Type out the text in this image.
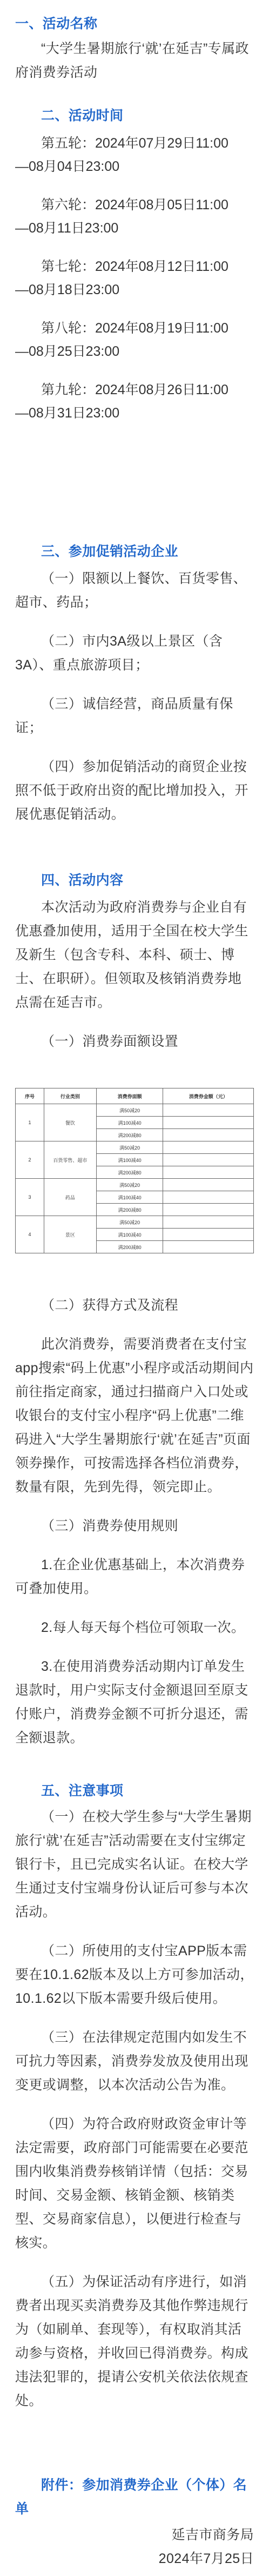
一、活动名称

“大学生暑期旅行‘就’在延吉”专属政府消费券活动

二、活动时间

第五轮：2024年07月29日11:00

—08月04日23:00

第六轮：2024年08月05日11:00

—08月11日23:00

第七轮：2024年08月12日11:00

—08月18日23:00

第八轮：2024年08月19日11:00

—08月25日23:00

第九轮：2024年08月26日11:00

—08月31日23:00

三、参加促销活动企业

（一）限额以上餐饮、百货零售、超市、药品；

（二）市内3A级以上景区（含3A）、重点旅游项目；

（三）诚信经营，商品质量有保证；

（四）参加促销活动的商贸企业按照不低于政府出资的配比增加投入，开展优惠促销活动。

四、活动内容

本次活动为政府消费券与企业自有优惠叠加使用，适用于全国在校大学生及新生（包含专科、本科、硕士、博士、在职研）。但领取及核销消费券地点需在延吉市。

（一）消费券面额设置

序号	行业类别	消费券面额	消费券金额（元）
1	餐饮	满50减20	
		满100减40	
		满200减80	
2	百货零售、超市	满50减20	
		满100减40	
		满200减80	
3	药品	满50减20	
		满100减40	
		满200减80	
4	景区	满50减20	
		满100减40	
		满200减80	

（二）获得方式及流程

此次消费券，需要消费者在支付宝app搜索“码上优惠”小程序或活动期间内前往指定商家，通过扫描商户入口处或收银台的支付宝小程序“码上优惠”二维码进入“大学生暑期旅行‘就’在延吉”页面领券操作，可按需选择各档位消费券，数量有限，先到先得，领完即止。

（三）消费券使用规则

1.在企业优惠基础上，本次消费券可叠加使用。

2.每人每天每个档位可领取一次。

3.在使用消费券活动期内订单发生退款时，用户实际支付金额退回至原支付账户，消费券金额不可折分退还，需全额退款。

五、注意事项

（一）在校大学生参与“大学生暑期旅行‘就’在延吉”活动需要在支付宝绑定银行卡，且已完成实名认证。在校大学生通过支付宝端身份认证后可参与本次活动。

（二）所使用的支付宝APP版本需要在10.1.62版本及以上方可参加活动，10.1.62以下版本需要升级后使用。

（三）在法律规定范围内如发生不可抗力等因素，消费券发放及使用出现变更或调整，以本次活动公告为准。

（四）为符合政府财政资金审计等法定需要，政府部门可能需要在必要范围内收集消费券核销详情（包括：交易时间、交易金额、核销金额、核销类型、交易商家信息），以便进行检查与核实。

（五）为保证活动有序进行，如消费者出现买卖消费券及其他作弊违规行为（如刷单、套现等），有权取消其活动参与资格，并收回已得消费券。构成违法犯罪的，提请公安机关依法依规查处。

附件：参加消费券企业（个体）名单

延吉市商务局

2024年7月25日
